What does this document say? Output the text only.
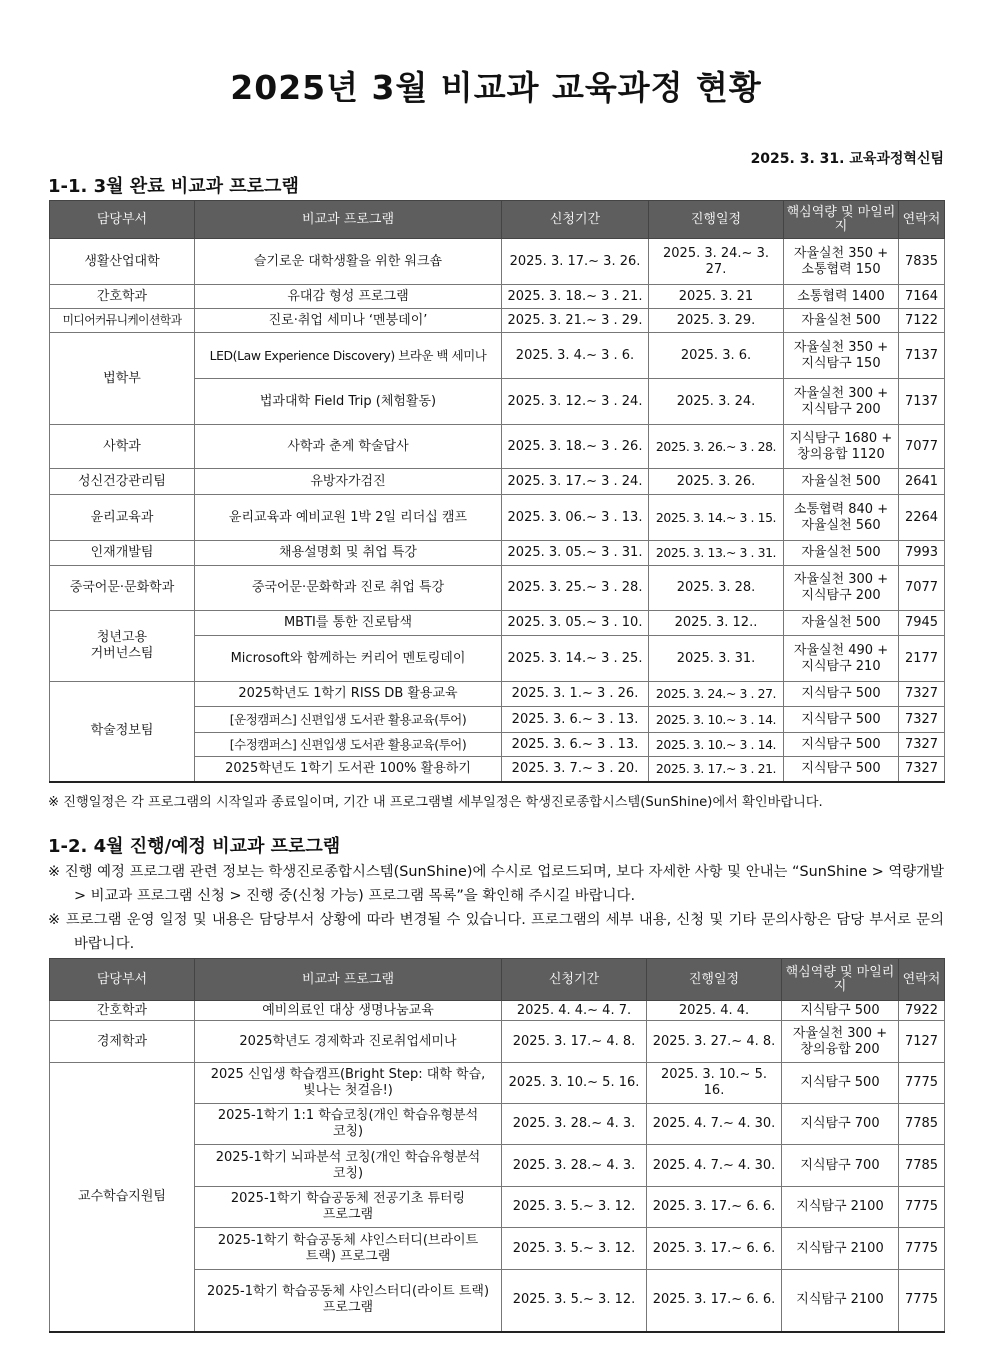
2025년 3월 비교과 교육과정 현황
2025. 3. 31. 교육과정혁신팀
1-1. 3월 완료 비교과 프로그램
담당부서	비교과 프로그램	신청기간	진행일정	핵심역량 및 마일리지	연락처
생활산업대학	슬기로운 대학생활을 위한 워크숍	2025. 3. 17.~ 3. 26.	2025. 3. 24.~ 3. 27.	자율실천 350 +
소통협력 150	7835
간호학과	유대감 형성 프로그램	2025. 3. 18.~ 3 . 21.	2025. 3. 21	소통협력 1400	7164
미디어커뮤니케이션학과	진로·취업 세미나 ‘멘붕데이’	2025. 3. 21.~ 3 . 29.	2025. 3. 29.	자율실천 500	7122
법학부	LED(Law Experience Discovery) 브라운 백 세미나	2025. 3. 4.~ 3 . 6.	2025. 3. 6.	자율실천 350 +
지식탐구 150	7137
	법과대학 Field Trip (체험활동)	2025. 3. 12.~ 3 . 24.	2025. 3. 24.	자율실천 300 +
지식탐구 200	7137
사학과	사학과 춘계 학술답사	2025. 3. 18.~ 3 . 26.	2025. 3. 26.~ 3 . 28.	지식탐구 1680 +
창의융합 1120	7077
성신건강관리팀	유방자가검진	2025. 3. 17.~ 3 . 24.	2025. 3. 26.	자율실천 500	2641
윤리교육과	윤리교육과 예비교원 1박 2일 리더십 캠프	2025. 3. 06.~ 3 . 13.	2025. 3. 14.~ 3 . 15.	소통협력 840 +
자율실천 560	2264
인재개발팀	채용설명회 및 취업 특강	2025. 3. 05.~ 3 . 31.	2025. 3. 13.~ 3 . 31.	자율실천 500	7993
중국어문·문화학과	중국어문·문화학과 진로 취업 특강	2025. 3. 25.~ 3 . 28.	2025. 3. 28.	자율실천 300 +
지식탐구 200	7077
청년고용
거버넌스팀	MBTI를 통한 진로탐색	2025. 3. 05.~ 3 . 10.	2025. 3. 12..	자율실천 500	7945
	Microsoft와 함께하는 커리어 멘토링데이	2025. 3. 14.~ 3 . 25.	2025. 3. 31.	자율실천 490 +
지식탐구 210	2177
학술정보팀	2025학년도 1학기 RISS DB 활용교육	2025. 3. 1.~ 3 . 26.	2025. 3. 24.~ 3 . 27.	지식탐구 500	7327
	[운정캠퍼스] 신편입생 도서관 활용교육(투어)	2025. 3. 6.~ 3 . 13.	2025. 3. 10.~ 3 . 14.	지식탐구 500	7327
	[수정캠퍼스] 신편입생 도서관 활용교육(투어)	2025. 3. 6.~ 3 . 13.	2025. 3. 10.~ 3 . 14.	지식탐구 500	7327
	2025학년도 1학기 도서관 100% 활용하기	2025. 3. 7.~ 3 . 20.	2025. 3. 17.~ 3 . 21.	지식탐구 500	7327
※ 진행일정은 각 프로그램의 시작일과 종료일이며, 기간 내 프로그램별 세부일정은 학생진로종합시스템(SunShine)에서 확인바랍니다.
1-2. 4월 진행/예정 비교과 프로그램

※ 진행 예정 프로그램 관련 정보는 학생진로종합시스템(SunShine)에 수시로 업로드되며, 보다 자세한 사항 및 안내는 “SunShine > 역량개발 > 비교과 프로그램 신청 > 진행 중(신청 가능) 프로그램 목록”을 확인해 주시길 바랍니다.

※ 프로그램 운영 일정 및 내용은 담당부서 상황에 따라 변경될 수 있습니다. 프로그램의 세부 내용, 신청 및 기타 문의사항은 담당 부서로 문의 바랍니다.

담당부서	비교과 프로그램	신청기간	진행일정	핵심역량 및 마일리지	연락처
간호학과	예비의료인 대상 생명나눔교육	2025. 4. 4.~ 4. 7.	2025. 4. 4.	지식탐구 500	7922
경제학과	2025학년도 경제학과 진로취업세미나	2025. 3. 17.~ 4. 8.	2025. 3. 27.~ 4. 8.	자율실천 300 +
창의융합 200	7127
교수학습지원팀	2025 신입생 학습캠프(Bright Step: 대학 학습,
빛나는 첫걸음!)	2025. 3. 10.~ 5. 16.	2025. 3. 10.~ 5. 16.	지식탐구 500	7775
	2025-1학기 1:1 학습코칭(개인 학습유형분석
코칭)	2025. 3. 28.~ 4. 3.	2025. 4. 7.~ 4. 30.	지식탐구 700	7785
	2025-1학기 뇌파분석 코칭(개인 학습유형분석
코칭)	2025. 3. 28.~ 4. 3.	2025. 4. 7.~ 4. 30.	지식탐구 700	7785
	2025-1학기 학습공동체 전공기초 튜터링
프로그램	2025. 3. 5.~ 3. 12.	2025. 3. 17.~ 6. 6.	지식탐구 2100	7775
	2025-1학기 학습공동체 샤인스터디(브라이트
트랙) 프로그램	2025. 3. 5.~ 3. 12.	2025. 3. 17.~ 6. 6.	지식탐구 2100	7775
	2025-1학기 학습공동체 샤인스터디(라이트 트랙)
프로그램	2025. 3. 5.~ 3. 12.	2025. 3. 17.~ 6. 6.	지식탐구 2100	7775
